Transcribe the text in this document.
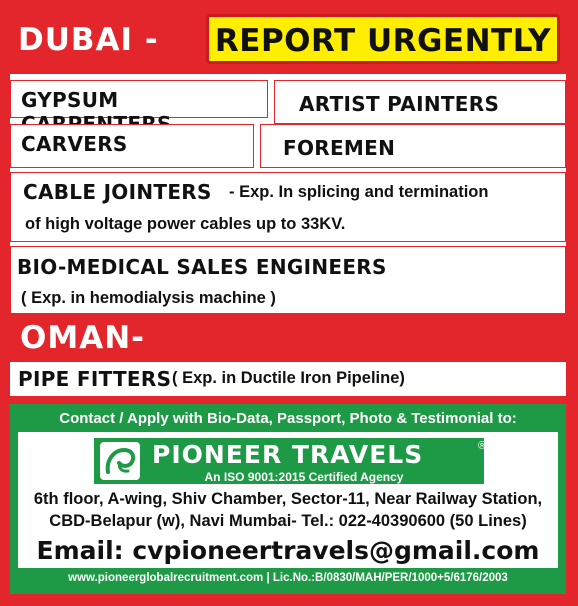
DUBAI - REPORT URGENTLY
GYPSUM	ARTIST PAINTERS
CARVERS	FOREMEN
CABLE JOINTERS - Exp. In splicing and termination
of high voltage power cables up to 33KV.
BIO-MEDICAL SALES ENGINEERS
( Exp. in hemodialysis machine )
OMAN-
PIPE FITTERS ( Exp. in Ductile Iron Pipeline)
Contact / Apply with Bio-Data, Passport, Photo & Testimonial to:
PIONEER TRAVELS	®
An ISO 9001:2015 Certified Agency
6th floor, A-wing, Shiv Chamber, Sector-11, Near Railway Station,
CBD-Belapur (w), Navi Mumbai- Tel.: 022-40390600 (50 Lines)
Email: cvpioneertravels@gmail.com
www.pioneerglobalrecruitment.com | Lic.No.:B/0830/MAH/PER/1000+5/6176/2003
